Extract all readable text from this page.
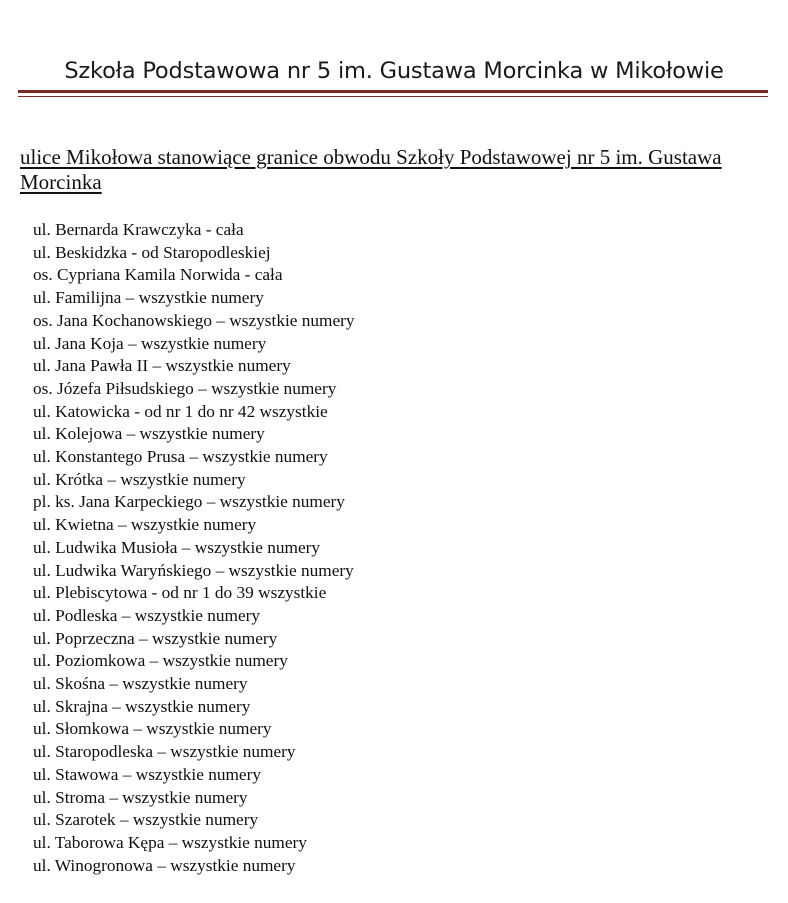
Szkoła Podstawowa nr 5 im. Gustawa Morcinka w Mikołowie
ulice Mikołowa stanowiące granice obwodu Szkoły Podstawowej nr 5 im. Gustawa Morcinka
ul. Bernarda Krawczyka - cała
ul. Beskidzka - od Staropodleskiej
os. Cypriana Kamila Norwida - cała
ul. Familijna – wszystkie numery
os. Jana Kochanowskiego – wszystkie numery
ul. Jana Koja – wszystkie numery
ul. Jana Pawła II – wszystkie numery
os. Józefa Piłsudskiego – wszystkie numery
ul. Katowicka - od nr 1 do nr 42 wszystkie
ul. Kolejowa – wszystkie numery
ul. Konstantego Prusa – wszystkie numery
ul. Krótka – wszystkie numery
pl. ks. Jana Karpeckiego – wszystkie numery
ul. Kwietna – wszystkie numery
ul. Ludwika Musioła – wszystkie numery
ul. Ludwika Waryńskiego – wszystkie numery
ul. Plebiscytowa - od nr 1 do 39 wszystkie
ul. Podleska – wszystkie numery
ul. Poprzeczna – wszystkie numery
ul. Poziomkowa – wszystkie numery
ul. Skośna – wszystkie numery
ul. Skrajna – wszystkie numery
ul. Słomkowa – wszystkie numery
ul. Staropodleska – wszystkie numery
ul. Stawowa – wszystkie numery
ul. Stroma – wszystkie numery
ul. Szarotek – wszystkie numery
ul. Taborowa Kępa – wszystkie numery
ul. Winogronowa – wszystkie numery
